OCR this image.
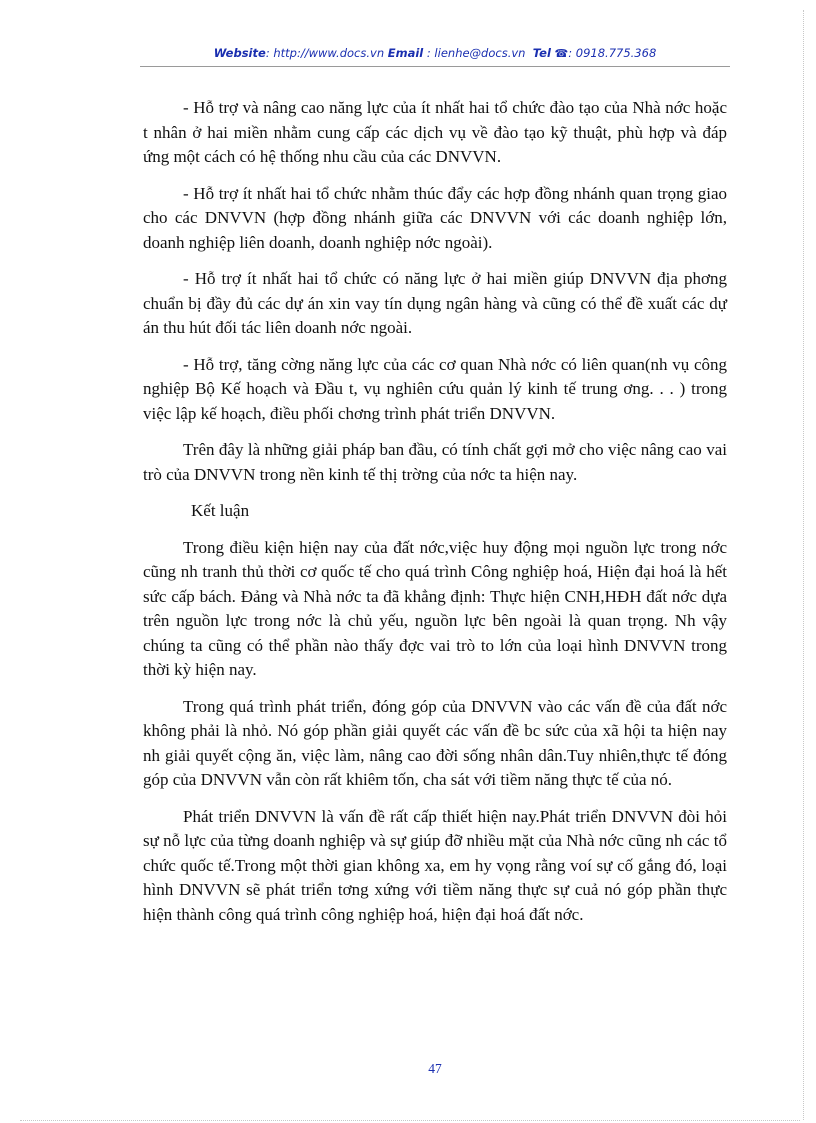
Website: http://www.docs.vn Email : lienhe@docs.vn Tel ☎: 0918.775.368

- Hỗ trợ và nâng cao năng lực của ít nhất hai tổ chức đào tạo của Nhà nớc hoặc t nhân ở hai miền nhằm cung cấp các dịch vụ về đào tạo kỹ thuật, phù hợp và đáp ứng một cách có hệ thống nhu cầu của các DNVVN.

- Hỗ trợ ít nhất hai tổ chức nhằm thúc đẩy các hợp đồng nhánh quan trọng giao cho các DNVVN (hợp đồng nhánh giữa các DNVVN với các doanh nghiệp lớn, doanh nghiệp liên doanh, doanh nghiệp nớc ngoài).

- Hỗ trợ ít nhất hai tổ chức có năng lực ở hai miền giúp DNVVN địa phơng chuẩn bị đầy đủ các dự án xin vay tín dụng ngân hàng và cũng có thể đề xuất các dự án thu hút đối tác liên doanh nớc ngoài.

- Hỗ trợ, tăng cờng năng lực của các cơ quan Nhà nớc có liên quan(nh vụ công nghiệp Bộ Kế hoạch và Đầu t, vụ nghiên cứu quản lý kinh tế trung ơng. . . ) trong việc lập kế hoạch, điều phối chơng trình phát triển DNVVN.

Trên đây là những giải pháp ban đầu, có tính chất gợi mở cho việc nâng cao vai trò của DNVVN trong nền kinh tế thị trờng của nớc ta hiện nay.

Kết luận

Trong điều kiện hiện nay của đất nớc,việc huy động mọi nguồn lực trong nớc cũng nh tranh thủ thời cơ quốc tế cho quá trình Công nghiệp hoá, Hiện đại hoá là hết sức cấp bách. Đảng và Nhà nớc ta đã khẳng định: Thực hiện CNH,HĐH đất nớc dựa trên nguồn lực trong nớc là chủ yếu, nguồn lực bên ngoài là quan trọng. Nh vậy chúng ta cũng có thể phần nào thấy đợc vai trò to lớn của loại hình DNVVN trong thời kỳ hiện nay.

Trong quá trình phát triển, đóng góp của DNVVN vào các vấn đề của đất nớc không phải là nhỏ. Nó góp phần giải quyết các vấn đề bc sức của xã hội ta hiện nay nh giải quyết cộng ăn, việc làm, nâng cao đời sống nhân dân.Tuy nhiên,thực tế đóng góp của DNVVN vẫn còn rất khiêm tốn, cha sát với tiềm năng thực tế của nó.

Phát triển DNVVN là vấn đề rất cấp thiết hiện nay.Phát triển DNVVN đòi hỏi sự nỗ lực của từng doanh nghiệp và sự giúp đỡ nhiều mặt của Nhà nớc cũng nh các tổ chức quốc tế.Trong một thời gian không xa, em hy vọng rằng voí sự cố gắng đó, loại hình DNVVN sẽ phát triển tơng xứng với tiềm năng thực sự cuả nó góp phần thực hiện thành công quá trình công nghiệp hoá, hiện đại hoá đất nớc.

47
